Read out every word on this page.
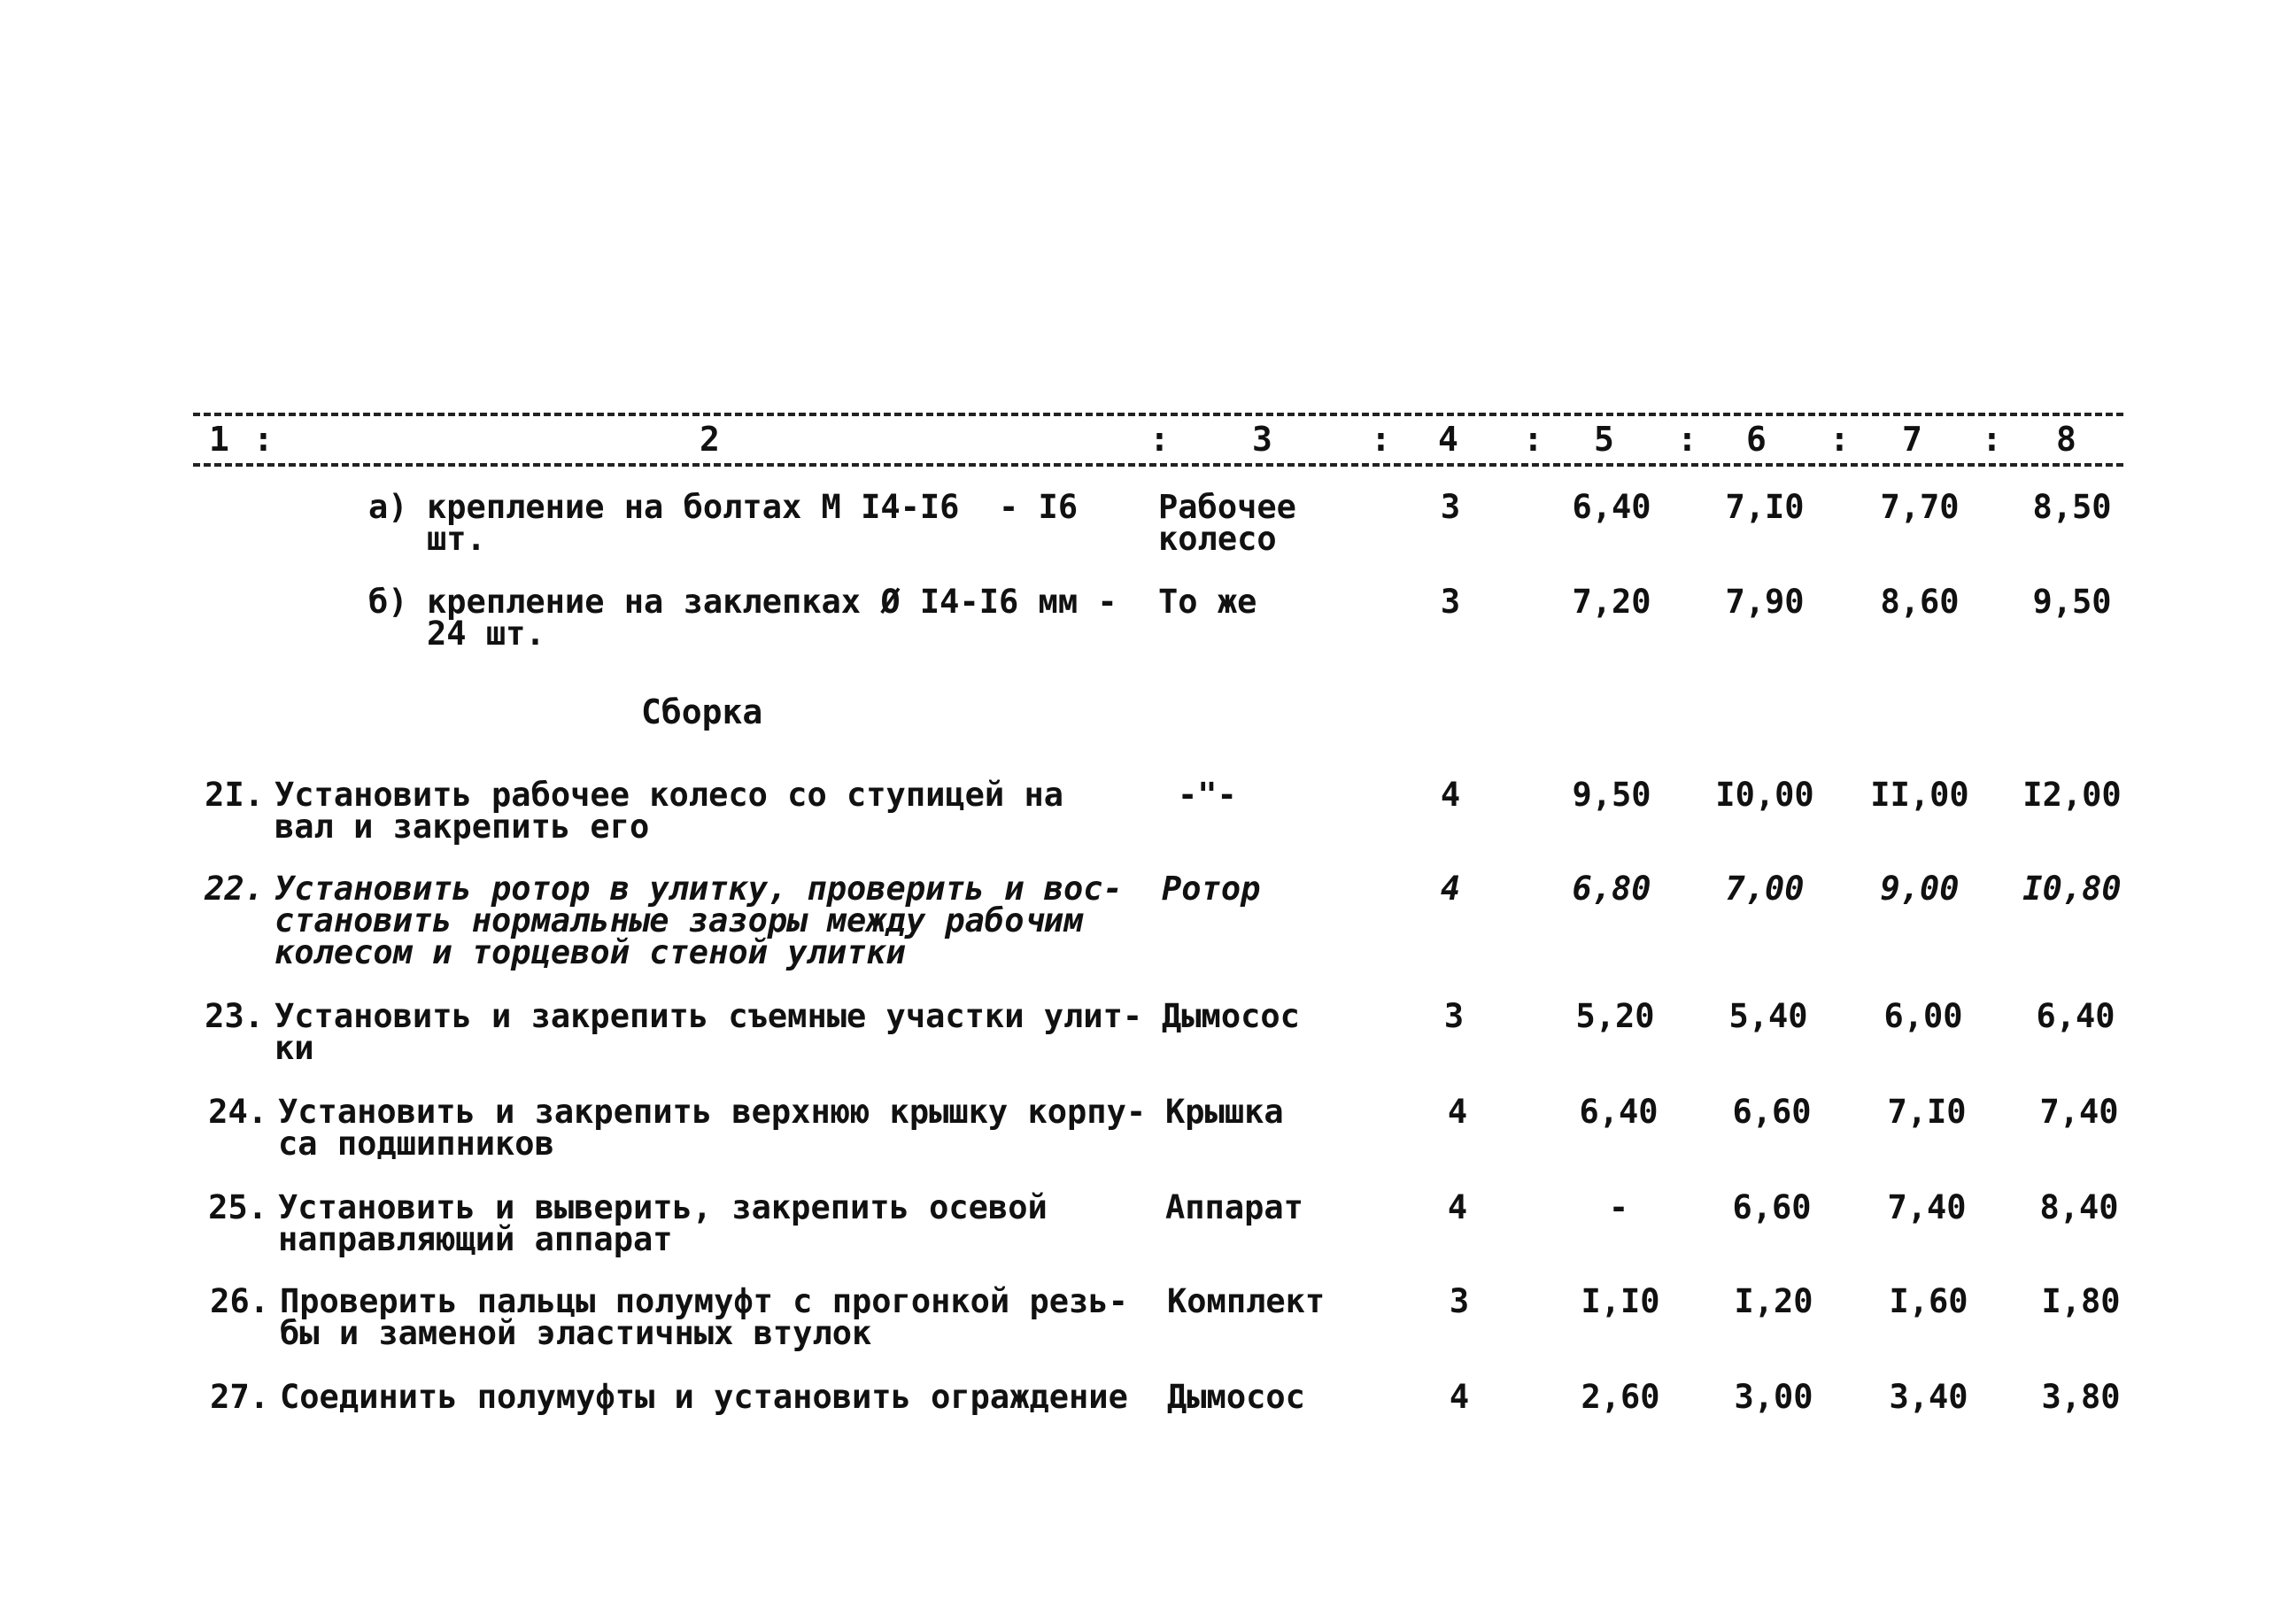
1 :	2	: 3	: 4 : 5 : 6 : 7 : 8
а) крепление на болтах М I4-I6  - I6 шт.
Рабочее
колесо
3	6,40	7,I0	7,70	8,50
б) крепление на заклепках Ø I4-I6 мм -
24 шт.
То же	3	7,20	7,90	8,60	9,50
Сборка
2I. Установить рабочее колесо со ступицей на
вал и закрепить его
-"-	4	9,50	I0,00	II,00	I2,00
22. Установить ротор в улитку, проверить и вос-
становить нормальные зазоры между рабочим
колесом и торцевой стеной улитки
Ротор	4	6,80	7,00	9,00	I0,80
23. Установить и закрепить съемные участки улит-
ки
Дымосос	3	5,20	5,40	6,00	6,40
24. Установить и закрепить верхнюю крышку корпу-
са подшипников
Крышка	4	6,40	6,60	7,I0	7,40
25. Установить и выверить, закрепить осевой
направляющий аппарат
Аппарат	4	-	6,60	7,40	8,40
26. Проверить пальцы полумуфт с прогонкой резь-
бы и заменой эластичных втулок
Комплект	3	I,I0	I,20	I,60	I,80
27. Соединить полумуфты и установить ограждение	Дымосос	4	2,60	3,00	3,40	3,80
